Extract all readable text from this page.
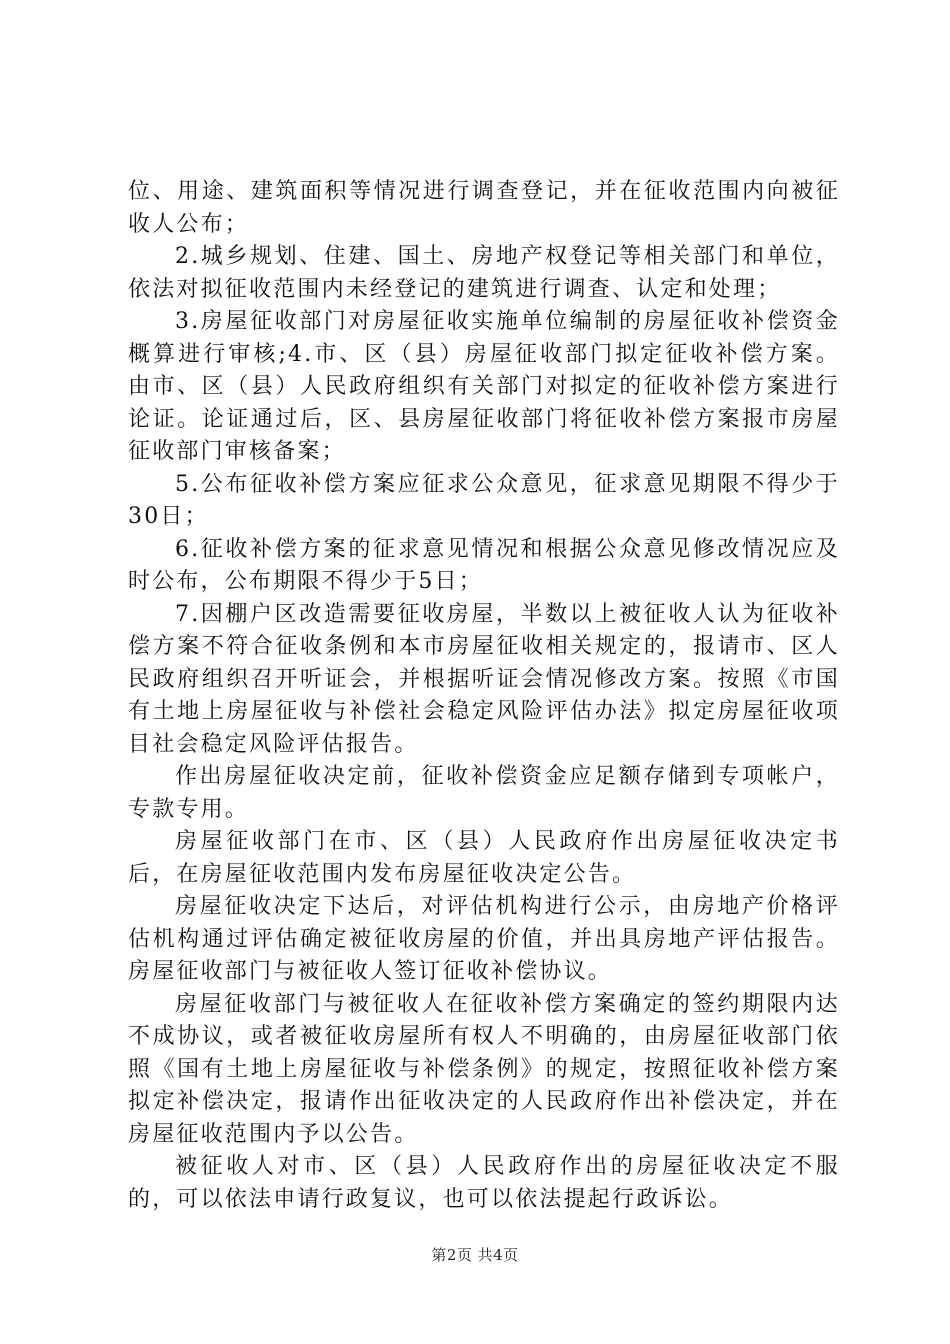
位、用途、建筑面积等情况进行调查登记，并在征收范围内向被征收人公布；

2.城乡规划、住建、国土、房地产权登记等相关部门和单位，依法对拟征收范围内未经登记的建筑进行调查、认定和处理；

3.房屋征收部门对房屋征收实施单位编制的房屋征收补偿资金概算进行审核;4.市、区（县）房屋征收部门拟定征收补偿方案。由市、区（县）人民政府组织有关部门对拟定的征收补偿方案进行论证。论证通过后，区、县房屋征收部门将征收补偿方案报市房屋征收部门审核备案；

5.公布征收补偿方案应征求公众意见，征求意见期限不得少于30日；

6.征收补偿方案的征求意见情况和根据公众意见修改情况应及时公布，公布期限不得少于5日；

7.因棚户区改造需要征收房屋，半数以上被征收人认为征收补偿方案不符合征收条例和本市房屋征收相关规定的，报请市、区人民政府组织召开听证会，并根据听证会情况修改方案。按照《市国有土地上房屋征收与补偿社会稳定风险评估办法》拟定房屋征收项目社会稳定风险评估报告。

作出房屋征收决定前，征收补偿资金应足额存储到专项帐户，专款专用。

房屋征收部门在市、区（县）人民政府作出房屋征收决定书后，在房屋征收范围内发布房屋征收决定公告。

房屋征收决定下达后，对评估机构进行公示，由房地产价格评估机构通过评估确定被征收房屋的价值，并出具房地产评估报告。房屋征收部门与被征收人签订征收补偿协议。

房屋征收部门与被征收人在征收补偿方案确定的签约期限内达不成协议，或者被征收房屋所有权人不明确的，由房屋征收部门依照《国有土地上房屋征收与补偿条例》的规定，按照征收补偿方案拟定补偿决定，报请作出征收决定的人民政府作出补偿决定，并在房屋征收范围内予以公告。

被征收人对市、区（县）人民政府作出的房屋征收决定不服的，可以依法申请行政复议，也可以依法提起行政诉讼。

第2页 共4页
